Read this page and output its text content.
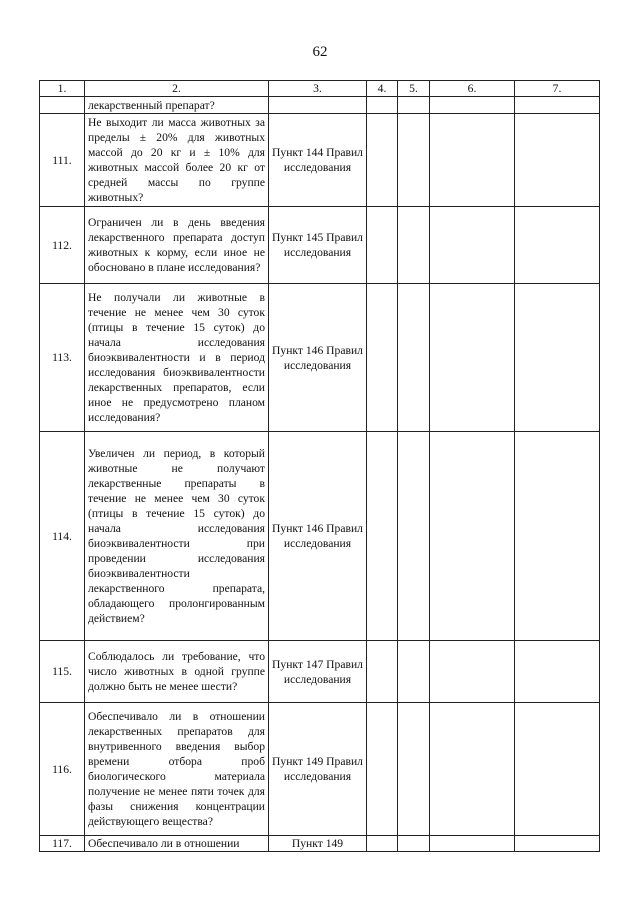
62
1.	2.	3.	4.	5.	6.	7.
	лекарственный препарат?					
111.	Не выходит ли масса животных за пределы ± 20% для животных массой до 20 кг и ± 10% для животных массой более 20 кг от средней массы по группе животных?	Пункт 144 Правил исследования				
112.	Ограничен ли в день введения лекарственного препарата доступ животных к корму, если иное не обосновано в плане исследования?	Пункт 145 Правил исследования				
113.	Не получали ли животные в течение не менее чем 30 суток (птицы в течение 15 суток) до начала исследования биоэквивалентности и в период исследования биоэквивалентности лекарственных препаратов, если иное не предусмотрено планом исследования?	Пункт 146 Правил исследования				
114.	Увеличен ли период, в который животные не получают лекарственные препараты в течение не менее чем 30 суток (птицы в течение 15 суток) до начала исследования биоэквивалентности при проведении исследования биоэквивалентности лекарственного препарата, обладающего пролонгированным действием?	Пункт 146 Правил исследования				
115.	Соблюдалось ли требование, что число животных в одной группе должно быть не менее шести?	Пункт 147 Правил исследования				
116.	Обеспечивало ли в отношении лекарственных препаратов для внутривенного введения выбор времени отбора проб биологического материала получение не менее пяти точек для фазы снижения концентрации действующего вещества?	Пункт 149 Правил исследования				
117.	Обеспечивало ли в отношении	Пункт 149				
